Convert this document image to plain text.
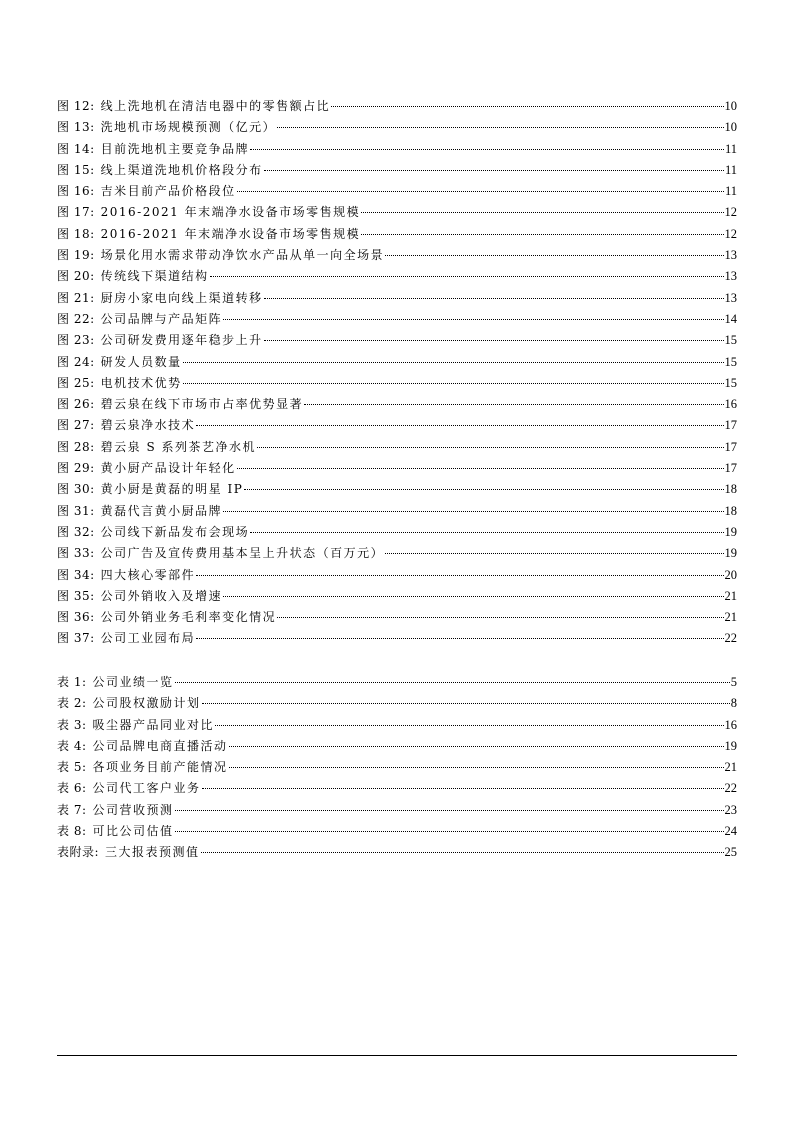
图 12: 线上洗地机在清洁电器中的零售额占比	10
图 13: 洗地机市场规模预测（亿元）	10
图 14: 目前洗地机主要竞争品牌	11
图 15: 线上渠道洗地机价格段分布	11
图 16: 吉米目前产品价格段位	11
图 17: 2016-2021 年末端净水设备市场零售规模	12
图 18: 2016-2021 年末端净水设备市场零售规模	12
图 19: 场景化用水需求带动净饮水产品从单一向全场景	13
图 20: 传统线下渠道结构	13
图 21: 厨房小家电向线上渠道转移	13
图 22: 公司品牌与产品矩阵	14
图 23: 公司研发费用逐年稳步上升	15
图 24: 研发人员数量	15
图 25: 电机技术优势	15
图 26: 碧云泉在线下市场市占率优势显著	16
图 27: 碧云泉净水技术	17
图 28: 碧云泉 S 系列茶艺净水机	17
图 29: 黄小厨产品设计年轻化	17
图 30: 黄小厨是黄磊的明星 IP	18
图 31: 黄磊代言黄小厨品牌	18
图 32: 公司线下新品发布会现场	19
图 33: 公司广告及宣传费用基本呈上升状态（百万元）	19
图 34: 四大核心零部件	20
图 35: 公司外销收入及增速	21
图 36: 公司外销业务毛利率变化情况	21
图 37: 公司工业园布局	22
表 1: 公司业绩一览	5
表 2: 公司股权激励计划	8
表 3: 吸尘器产品同业对比	16
表 4: 公司品牌电商直播活动	19
表 5: 各项业务目前产能情况	21
表 6: 公司代工客户业务	22
表 7: 公司营收预测	23
表 8: 可比公司估值	24
表附录: 三大报表预测值	25
